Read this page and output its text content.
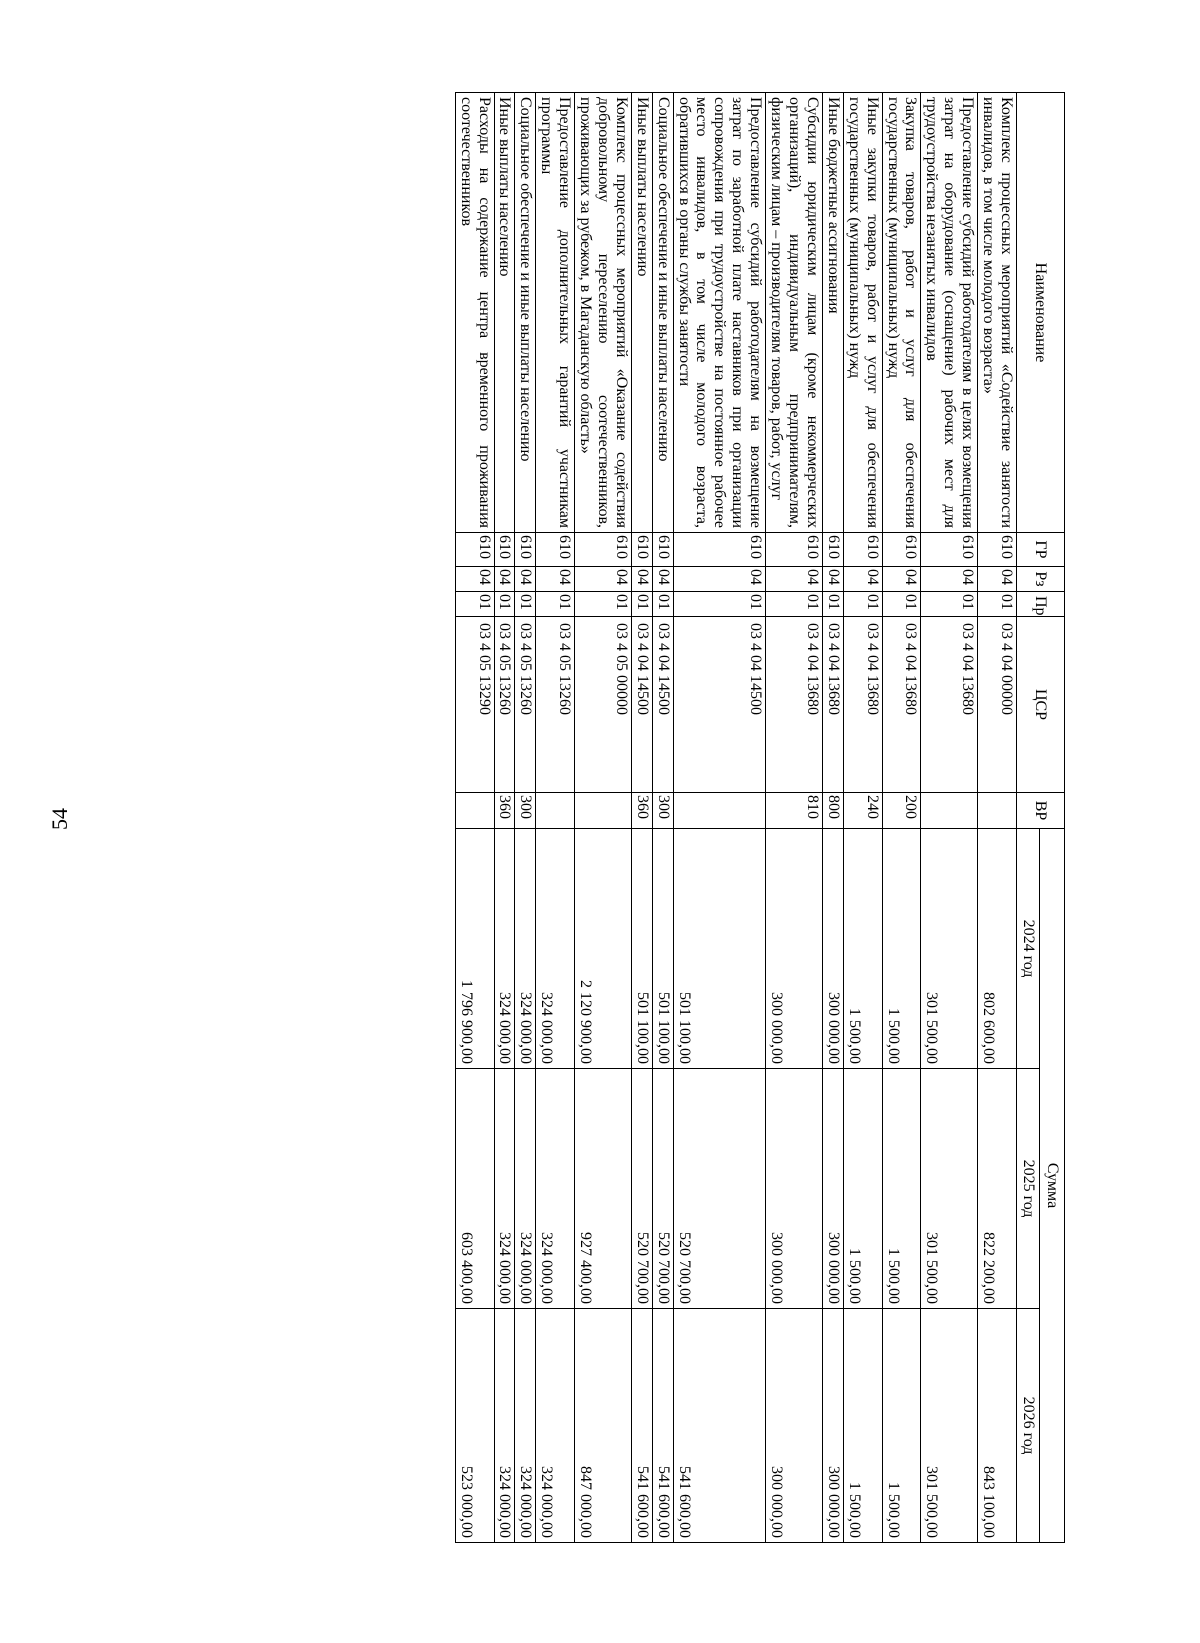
54
Наименование	ГР	Рз	Пр	ЦСР	ВР	Сумма		
						2024 год	2025 год	2026 год
Комплекс процессных мероприятий «Содействие занятости инвалидов, в том числе молодого возраста»	610	04	01	03 4 04 00000		802 600,00	822 200,00	843 100,00
Предоставление субсидий работодателям в целях возмещения затрат на оборудование (оснащение) рабочих мест для трудоустройства незанятых инвалидов	610	04	01	03 4 04 13680		301 500,00	301 500,00	301 500,00
Закупка товаров, работ и услуг для обеспечения государственных (муниципальных) нужд	610	04	01	03 4 04 13680	200	1 500,00	1 500,00	1 500,00
Иные закупки товаров, работ и услуг для обеспечения государственных (муниципальных) нужд	610	04	01	03 4 04 13680	240	1 500,00	1 500,00	1 500,00
Иные бюджетные ассигнования	610	04	01	03 4 04 13680	800	300 000,00	300 000,00	300 000,00
Субсидии юридическим лицам (кроме некоммерческих организаций), индивидуальным предпринимателям, физическим лицам – производителям товаров, работ, услуг	610	04	01	03 4 04 13680	810	300 000,00	300 000,00	300 000,00
Предоставление субсидий работодателям на возмещение затрат по заработной плате наставников при организации сопровождения при трудоустройстве на постоянное рабочее место инвалидов, в том числе молодого возраста, обратившихся в органы службы занятости	610	04	01	03 4 04 14500		501 100,00	520 700,00	541 600,00
Социальное обеспечение и иные выплаты населению	610	04	01	03 4 04 14500	300	501 100,00	520 700,00	541 600,00
Иные выплаты населению	610	04	01	03 4 04 14500	360	501 100,00	520 700,00	541 600,00
Комплекс процессных мероприятий «Оказание содействия добровольному переселению соотечественников, проживающих за рубежом, в Магаданскую область»	610	04	01	03 4 05 00000		2 120 900,00	927 400,00	847 000,00
Предоставление дополнительных гарантий участникам программы	610	04	01	03 4 05 13260		324 000,00	324 000,00	324 000,00
Социальное обеспечение и иные выплаты населению	610	04	01	03 4 05 13260	300	324 000,00	324 000,00	324 000,00
Иные выплаты населению	610	04	01	03 4 05 13260	360	324 000,00	324 000,00	324 000,00
Расходы на содержание центра временного проживания соотечественников	610	04	01	03 4 05 13290		1 796 900,00	603 400,00	523 000,00
